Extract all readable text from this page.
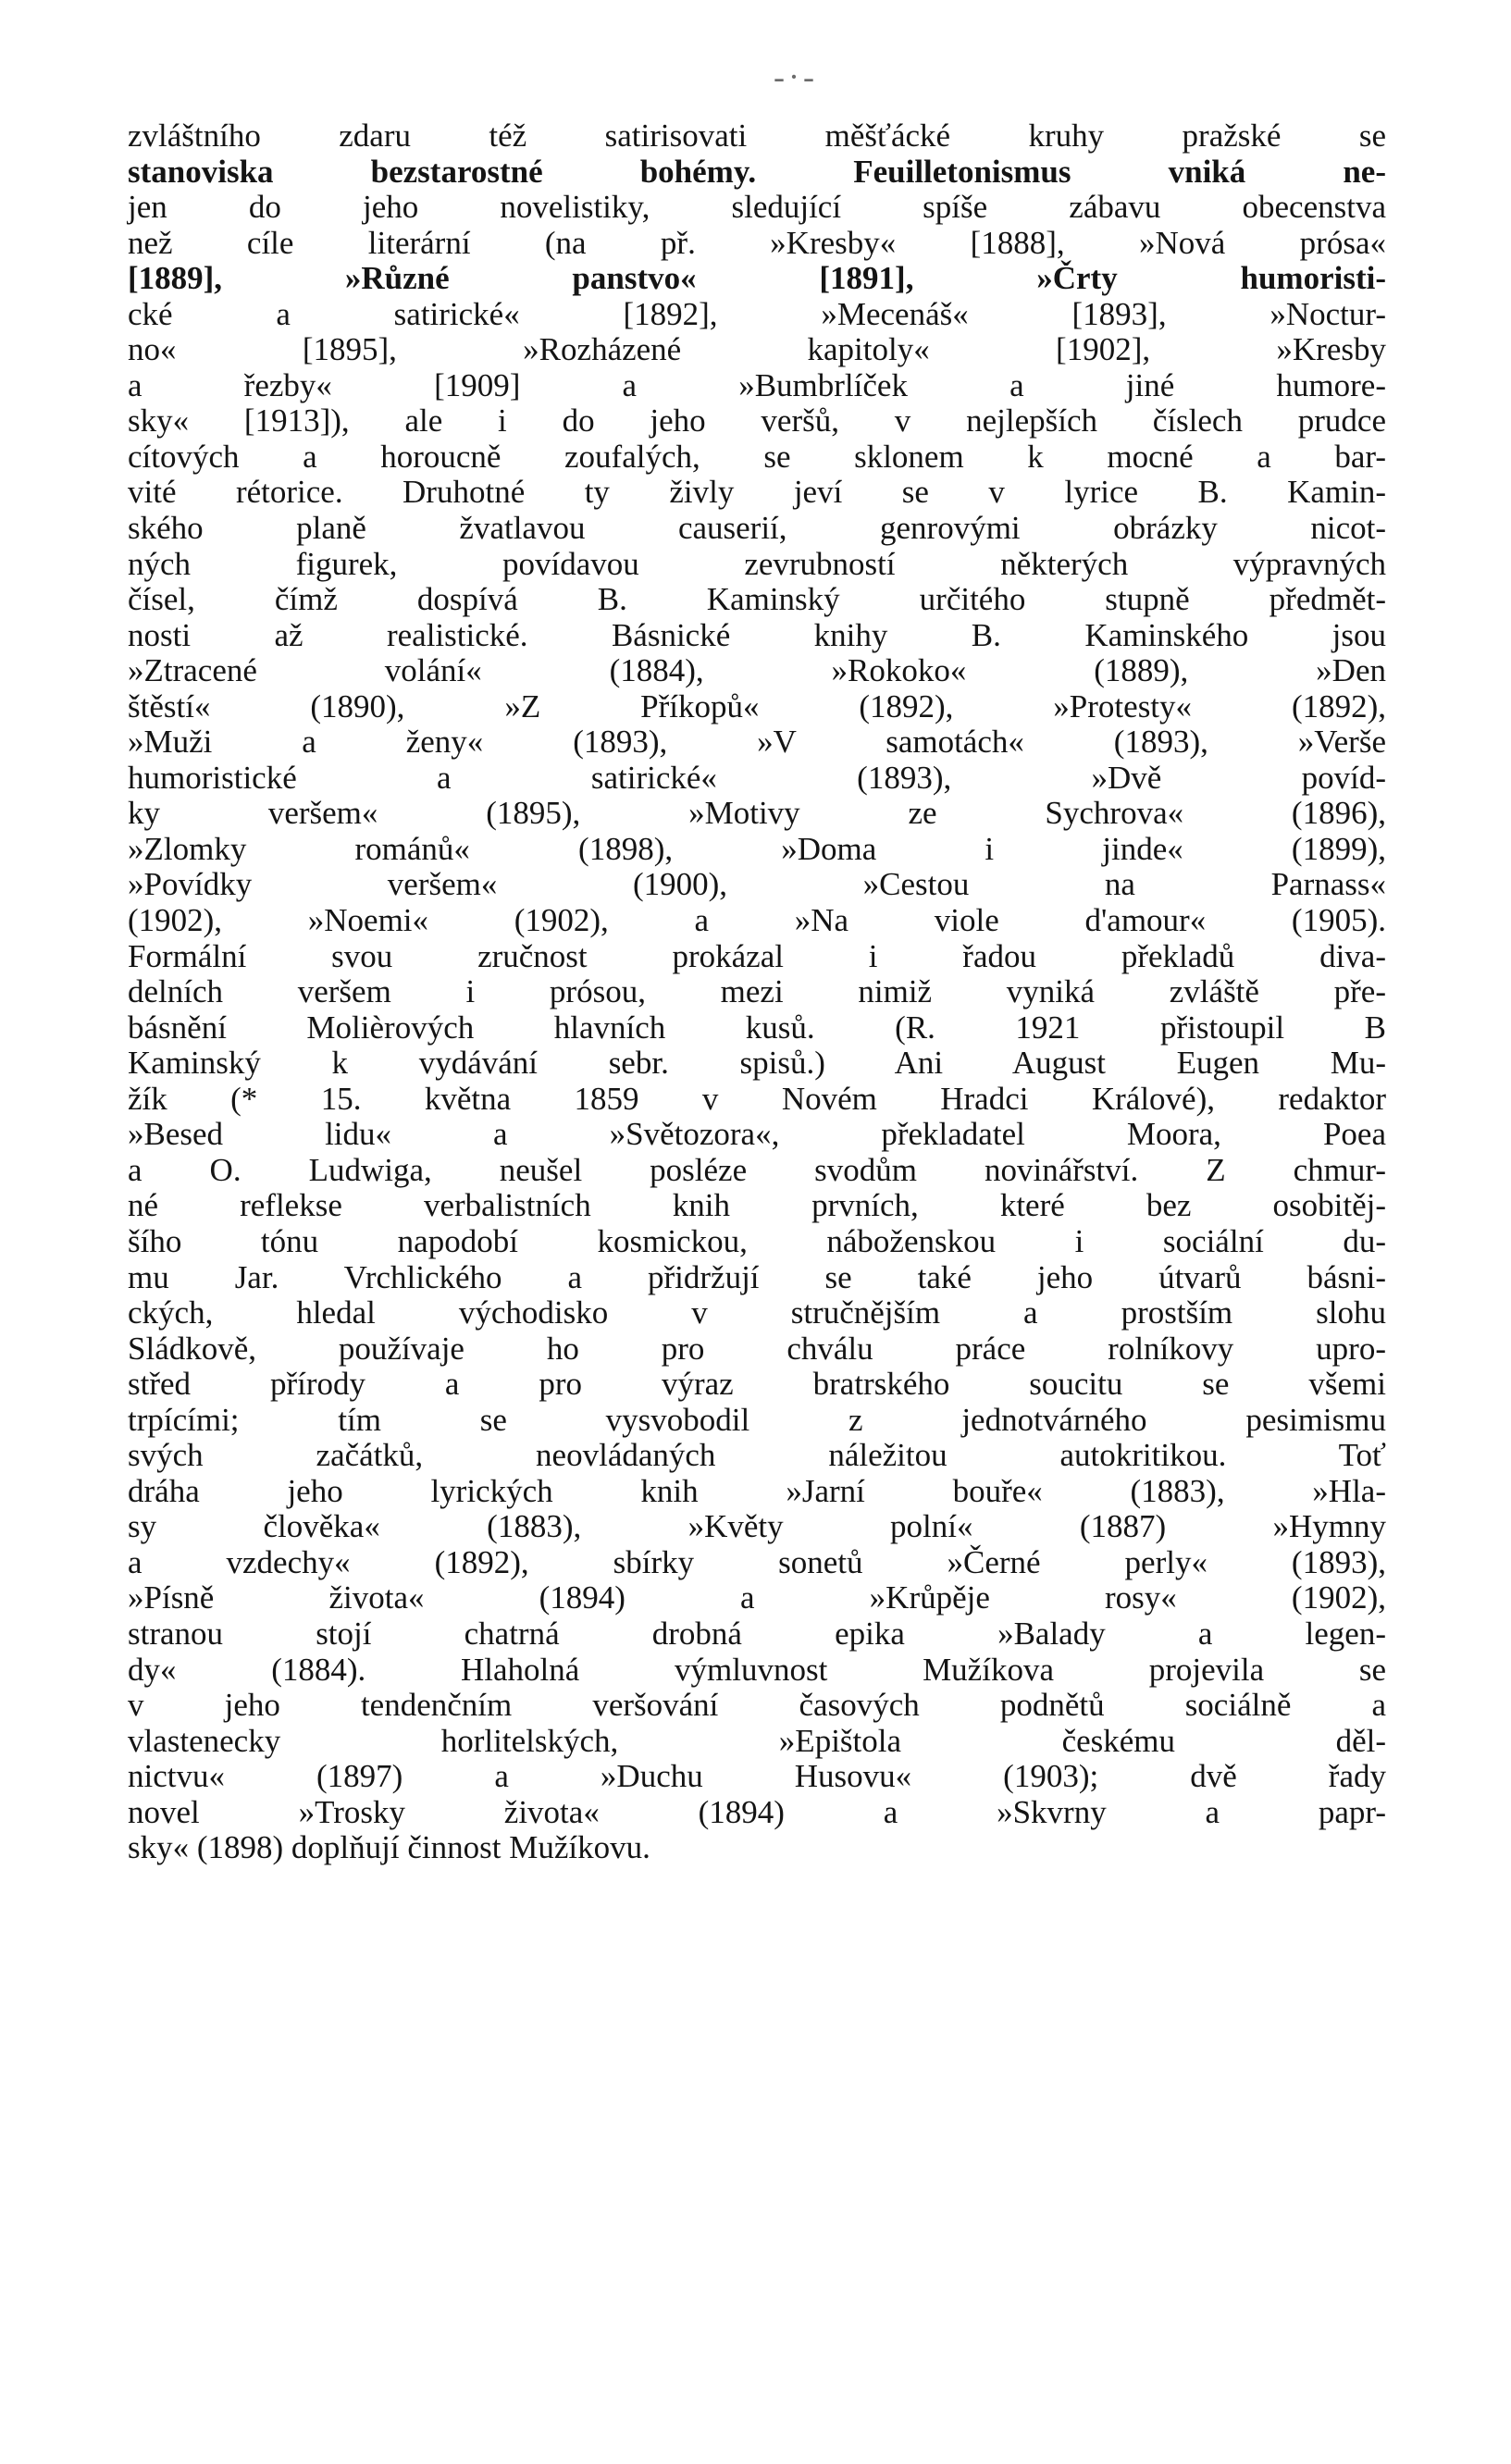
-·-
zvláštního zdaru též satirisovati měšťácké kruhy pražské se
stanoviska bezstarostné bohémy. Feuilletonismus vniká ne-
jen do jeho novelistiky, sledující spíše zábavu obecenstva
než cíle literární (na př. »Kresby« [1888], »Nová prósa«
[1889], »Různé panstvo« [1891], »Črty humoristi-
cké a satirické« [1892], »Mecenáš« [1893], »Noctur-
no« [1895], »Rozházené kapitoly« [1902], »Kresby
a řezby« [1909] a »Bumbrlíček a jiné humore-
sky« [1913]), ale i do jeho veršů, v nejlepších číslech prudce
cítových a horoucně zoufalých, se sklonem k mocné a bar-
vité rétorice. Druhotné ty živly jeví se v lyrice B. Kamin-
ského planě žvatlavou causerií, genrovými obrázky nicot-
ných figurek, povídavou zevrubností některých výpravných
čísel, čímž dospívá B. Kaminský určitého stupně předmět-
nosti až realistické. Básnické knihy B. Kaminského jsou
»Ztracené volání« (1884), »Rokoko« (1889), »Den
štěstí« (1890), »Z Příkopů« (1892), »Protesty« (1892),
»Muži a ženy« (1893), »V samotách« (1893), »Verše
humoristické a satirické« (1893), »Dvě povíd-
ky veršem« (1895), »Motivy ze Sychrova« (1896),
»Zlomky románů« (1898), »Doma i jinde« (1899),
»Povídky veršem« (1900), »Cestou na Parnass«
(1902), »Noemi« (1902), a »Na viole d'amour« (1905).
Formální svou zručnost prokázal i řadou překladů diva-
delních veršem i prósou, mezi nimiž vyniká zvláště pře-
básnění Molièrových hlavních kusů. (R. 1921 přistoupil B
Kaminský k vydávání sebr. spisů.) Ani August Eugen Mu-
žík (* 15. května 1859 v Novém Hradci Králové), redaktor
»Besed lidu« a »Světozora«, překladatel Moora, Poea
a O. Ludwiga, neušel posléze svodům novinářství. Z chmur-
né reflekse verbalistních knih prvních, které bez osobitěj-
šího tónu napodobí kosmickou, náboženskou i sociální du-
mu Jar. Vrchlického a přidržují se také jeho útvarů básni-
ckých, hledal východisko v stručnějším a prostším slohu
Sládkově, používaje ho pro chválu práce rolníkovy upro-
střed přírody a pro výraz bratrského soucitu se všemi
trpícími; tím se vysvobodil z jednotvárného pesimismu
svých začátků, neovládaných náležitou autokritikou. Toť
dráha jeho lyrických knih »Jarní bouře« (1883), »Hla-
sy člověka« (1883), »Květy polní« (1887) »Hymny
a vzdechy« (1892), sbírky sonetů »Černé perly« (1893),
»Písně života« (1894) a »Krůpěje rosy« (1902),
stranou stojí chatrná drobná epika »Balady a legen-
dy« (1884). Hlaholná výmluvnost Mužíkova projevila se
v jeho tendenčním veršování časových podnětů sociálně a
vlastenecky horlitelských, »Epištola českému děl-
nictvu« (1897) a »Duchu Husovu« (1903); dvě řady
novel »Trosky života« (1894) a »Skvrny a papr-
sky« (1898) doplňují činnost Mužíkovu.
